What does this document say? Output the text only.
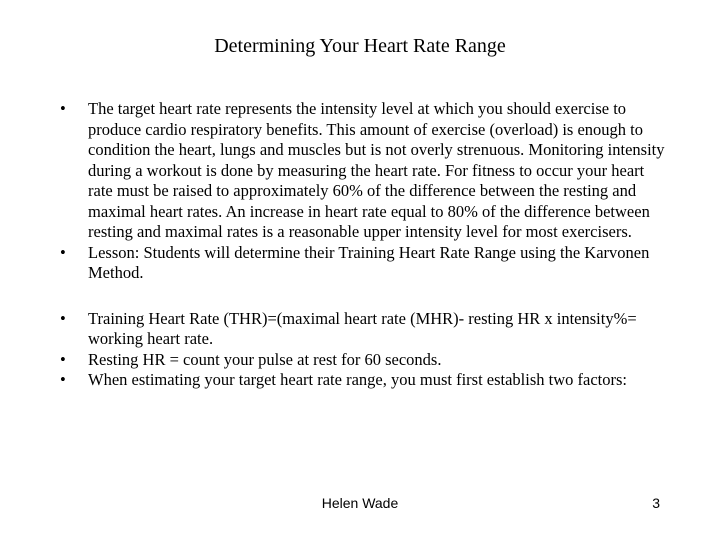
Determining Your Heart Rate Range
• The target heart rate represents the intensity level at which you should exercise to produce cardio respiratory benefits. This amount of exercise (overload) is enough to condition the heart, lungs and muscles but is not overly strenuous. Monitoring intensity during a workout is done by measuring the heart rate. For fitness to occur your heart rate must be raised to approximately 60% of the difference between the resting and maximal heart rates. An increase in heart rate equal to 80% of the difference between resting and maximal rates is a reasonable upper intensity level for most exercisers.
• Lesson: Students will determine their Training Heart Rate Range using the Karvonen Method.
• Training Heart Rate (THR)=(maximal heart rate (MHR)- resting HR x intensity%= working heart rate.
• Resting HR = count your pulse at rest for 60 seconds.
• When estimating your target heart rate range, you must first establish two factors:
Helen Wade	3
